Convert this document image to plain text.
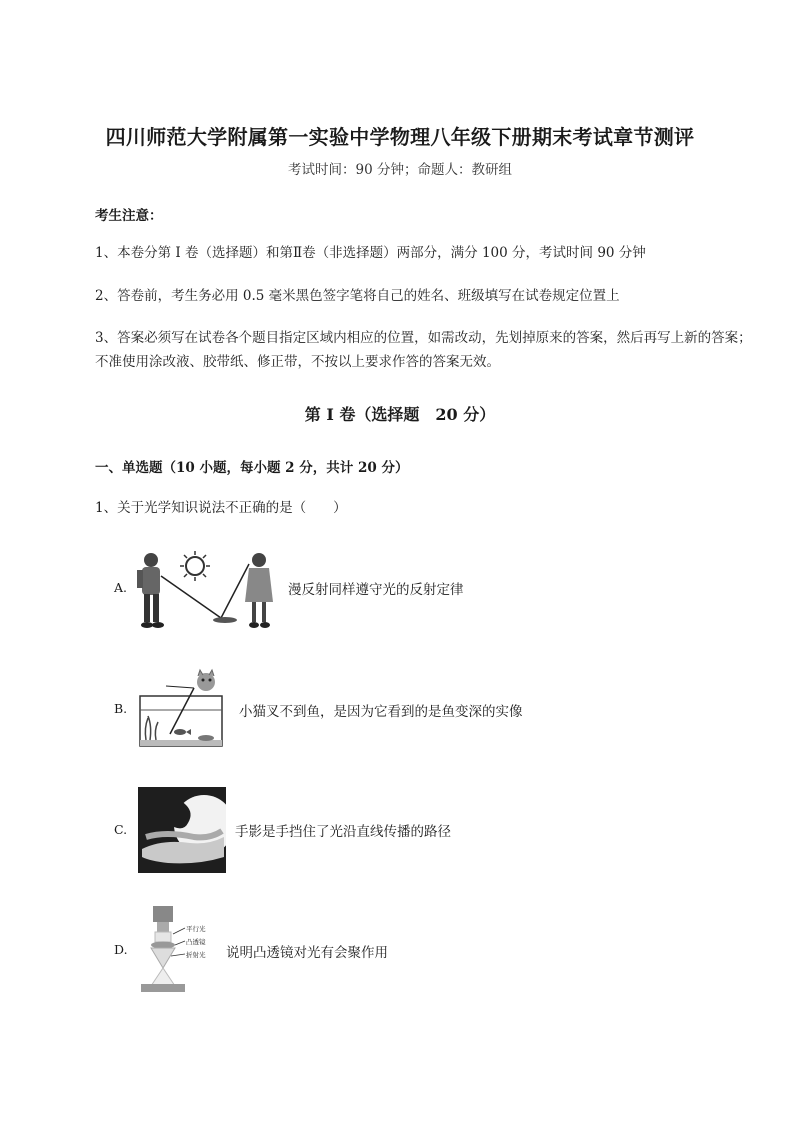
四川师范大学附属第一实验中学物理八年级下册期末考试章节测评
考试时间：90 分钟；命题人：教研组
考生注意：
1、本卷分第 I 卷（选择题）和第Ⅱ卷（非选择题）两部分，满分 100 分，考试时间 90 分钟
2、答卷前，考生务必用 0.5 毫米黑色签字笔将自己的姓名、班级填写在试卷规定位置上
3、答案必须写在试卷各个题目指定区域内相应的位置，如需改动，先划掉原来的答案，然后再写上新的答案；不准使用涂改液、胶带纸、修正带，不按以上要求作答的答案无效。
第 I 卷（选择题　20 分）
一、单选题（10 小题，每小题 2 分，共计 20 分）
1、关于光学知识说法不正确的是（　　）
A.	漫反射同样遵守光的反射定律
B.	小猫叉不到鱼，是因为它看到的是鱼变深的实像
C.	手影是手挡住了光沿直线传播的路径
D.
平行光
凸透镜
折射光 说明凸透镜对光有会聚作用
